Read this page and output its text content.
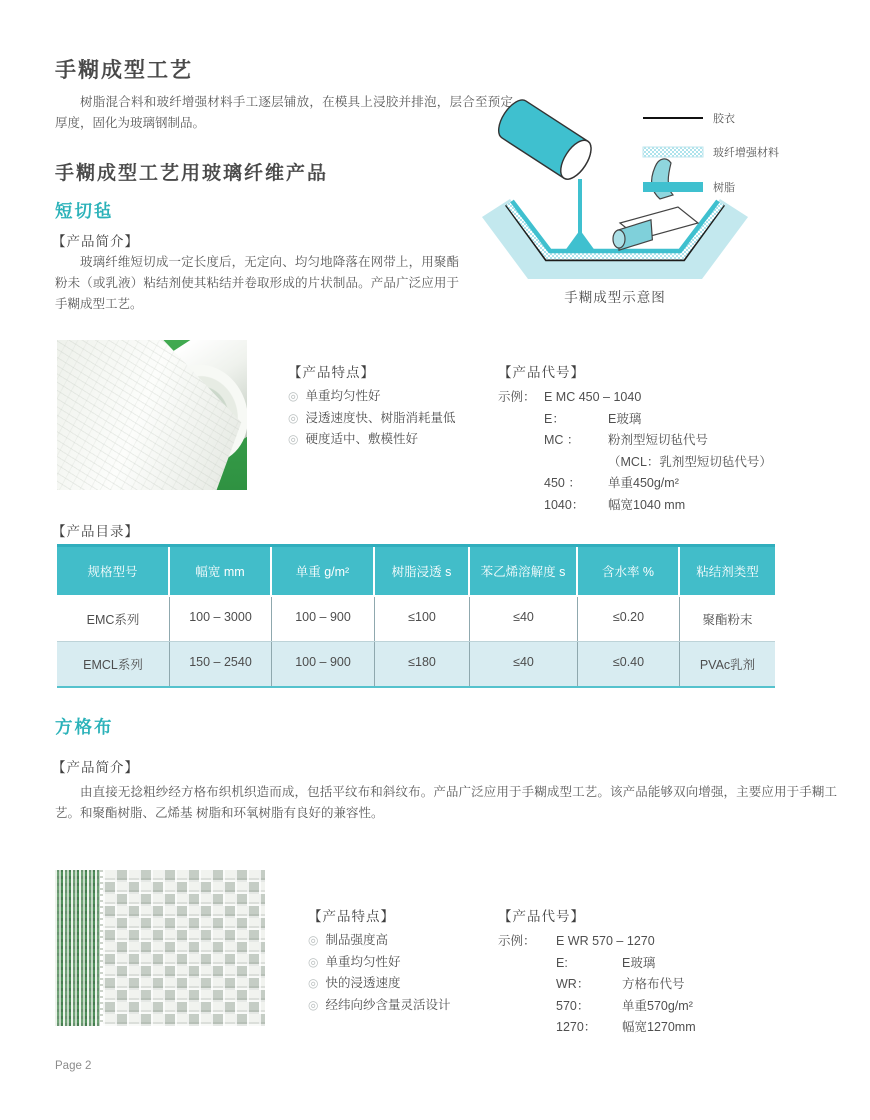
手糊成型工艺
树脂混合料和玻纤增强材料手工逐层铺放，在模具上浸胶并排泡，层合至预定厚度，固化为玻璃钢制品。
手糊成型工艺用玻璃纤维产品
短切毡
【产品简介】
玻璃纤维短切成一定长度后，无定向、均匀地降落在网带上，用聚酯粉未（或乳液）粘结剂使其粘结并卷取形成的片状制品。产品广泛应用于手糊成型工艺。
胶衣
玻纤增强材料
树脂
手糊成型示意图
【产品特点】
◎ 单重均匀性好
◎ 浸透速度快、树脂消耗量低
◎ 硬度适中、敷模性好
【产品代号】
示例： E MC 450 – 1040
E：	E玻璃
MC ：	粉剂型短切毡代号
（MCL：乳剂型短切毡代号）
450 ：	单重450g/m²
1040：	幅宽1040 mm
【产品目录】
规格型号	幅宽 mm	单重 g/m²	树脂浸透 s	苯乙烯溶解度 s	含水率 %	粘结剂类型
EMC系列	100 – 3000	100 – 900	≤100	≤40	≤0.20	聚酯粉末
EMCL系列	150 – 2540	100 – 900	≤180	≤40	≤0.40	PVAc乳剂
方格布
【产品简介】
由直接无捻粗纱经方格布织机织造而成，包括平纹布和斜纹布。产品广泛应用于手糊成型工艺。该产品能够双向增强，主要应用于手糊工艺。和聚酯树脂、乙烯基 树脂和环氧树脂有良好的兼容性。
【产品特点】
◎ 制品强度高
◎ 单重均匀性好
◎ 快的浸透速度
◎ 经纬向纱含量灵活设计
【产品代号】
示例：	E WR 570 – 1270
E:	E玻璃
WR：	方格布代号
570：	单重570g/m²
1270：	幅宽1270mm
Page 2
